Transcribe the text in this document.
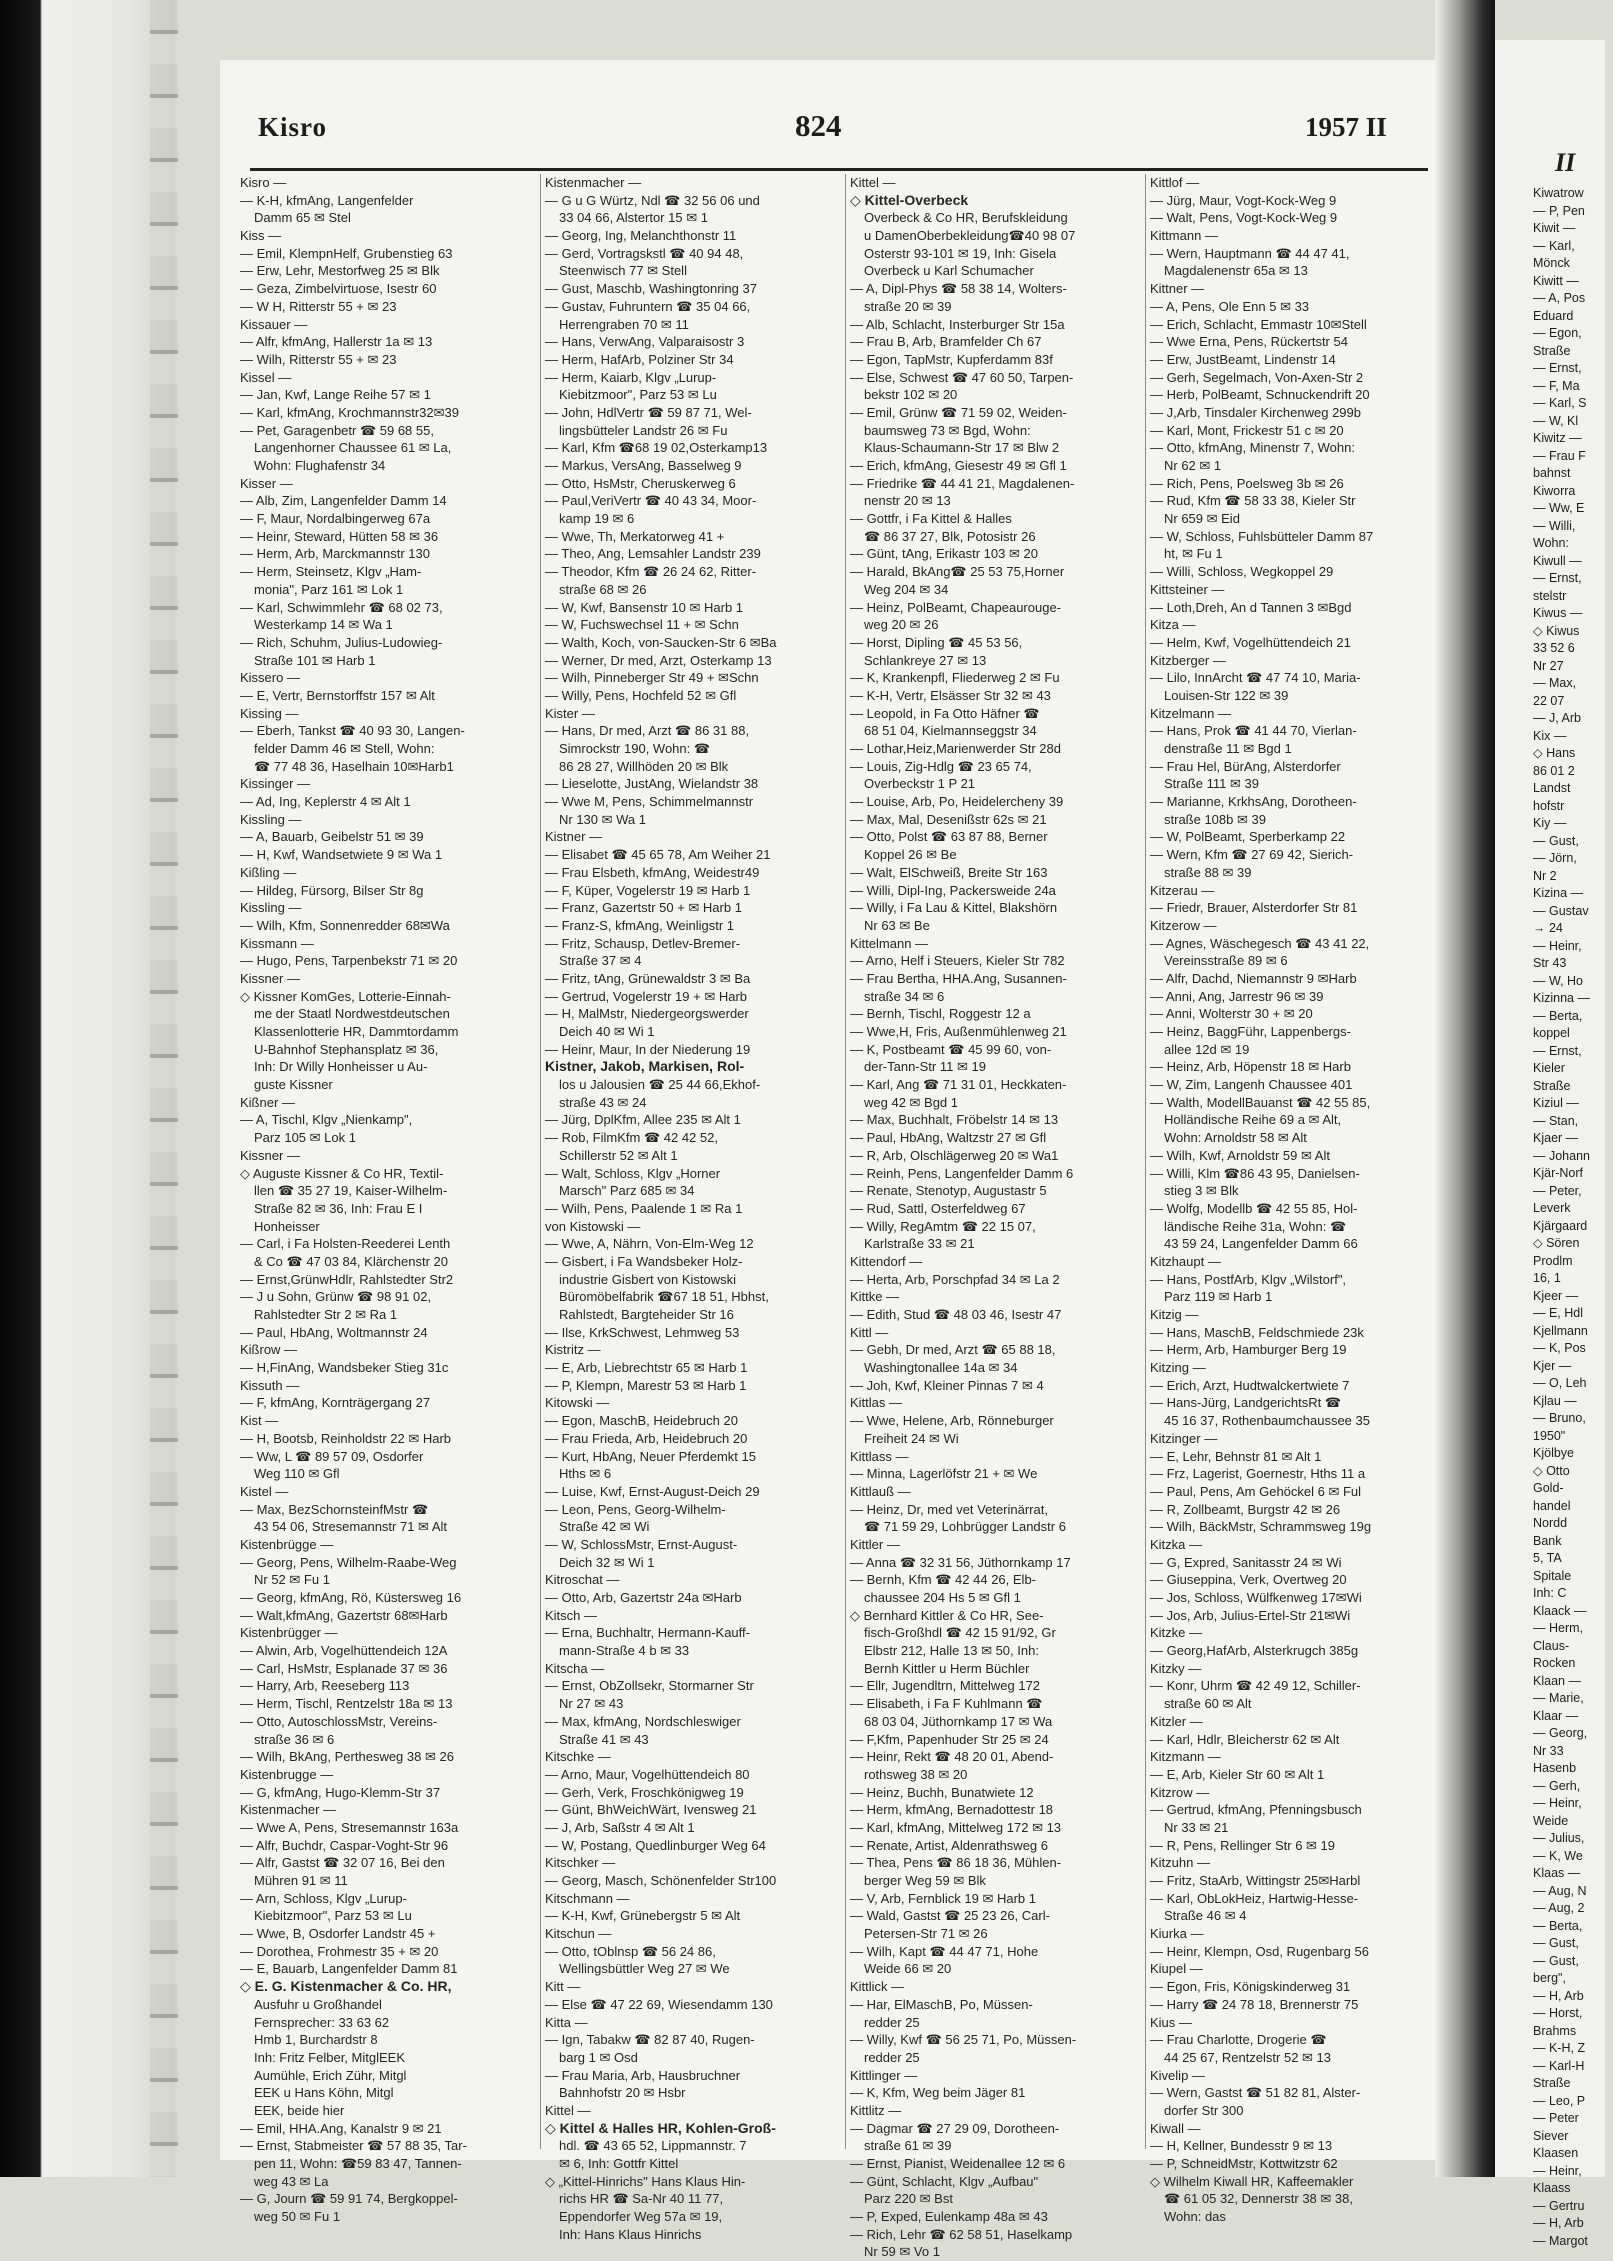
Kisro	824	1957 II
Kisro —
— K-H, kfmAng, Langenfelder
Damm 65 ✉ Stel
Kiss —
— Emil, KlempnHelf, Grubenstieg 63
— Erw, Lehr, Mestorfweg 25 ✉ Blk
— Geza, Zimbelvirtuose, Isestr 60
— W H, Ritterstr 55 + ✉ 23
Kissauer —
— Alfr, kfmAng, Hallerstr 1a ✉ 13
— Wilh, Ritterstr 55 + ✉ 23
Kissel —
— Jan, Kwf, Lange Reihe 57 ✉ 1
— Karl, kfmAng, Krochmannstr32✉39
— Pet, Garagenbetr ☎ 59 68 55,
Langenhorner Chaussee 61 ✉ La,
Wohn: Flughafenstr 34
Kisser —
— Alb, Zim, Langenfelder Damm 14
— F, Maur, Nordalbingerweg 67a
— Heinr, Steward, Hütten 58 ✉ 36
— Herm, Arb, Marckmannstr 130
— Herm, Steinsetz, Klgv „Ham-
monia", Parz 161 ✉ Lok 1
— Karl, Schwimmlehr ☎ 68 02 73,
Westerkamp 14 ✉ Wa 1
— Rich, Schuhm, Julius-Ludowieg-
Straße 101 ✉ Harb 1
Kissero —
— E, Vertr, Bernstorffstr 157 ✉ Alt
Kissing —
— Eberh, Tankst ☎ 40 93 30, Langen-
felder Damm 46 ✉ Stell, Wohn:
☎ 77 48 36, Haselhain 10✉Harb1
Kissinger —
— Ad, Ing, Keplerstr 4 ✉ Alt 1
Kissling —
— A, Bauarb, Geibelstr 51 ✉ 39
— H, Kwf, Wandsetwiete 9 ✉ Wa 1
Kißling —
— Hildeg, Fürsorg, Bilser Str 8g
Kissling —
— Wilh, Kfm, Sonnenredder 68✉Wa
Kissmann —
— Hugo, Pens, Tarpenbekstr 71 ✉ 20
Kissner —
◇ Kissner KomGes, Lotterie-Einnah-
me der Staatl Nordwestdeutschen
Klassenlotterie HR, Dammtordamm
U-Bahnhof Stephansplatz ✉ 36,
Inh: Dr Willy Honheisser u Au-
guste Kissner
Kißner —
— A, Tischl, Klgv „Nienkamp",
Parz 105 ✉ Lok 1
Kissner —
◇ Auguste Kissner & Co HR, Textil-
llen ☎ 35 27 19, Kaiser-Wilhelm-
Straße 82 ✉ 36, Inh: Frau E I
Honheisser
— Carl, i Fa Holsten-Reederei Lenth
& Co ☎ 47 03 84, Klärchenstr 20
— Ernst,GrünwHdlr, Rahlstedter Str2
— J u Sohn, Grünw ☎ 98 91 02,
Rahlstedter Str 2 ✉ Ra 1
— Paul, HbAng, Woltmannstr 24
Kißrow —
— H,FinAng, Wandsbeker Stieg 31c
Kissuth —
— F, kfmAng, Kornträgergang 27
Kist —
— H, Bootsb, Reinholdstr 22 ✉ Harb
— Ww, L ☎ 89 57 09, Osdorfer
Weg 110 ✉ Gfl
Kistel —
— Max, BezSchornsteinfMstr ☎
43 54 06, Stresemannstr 71 ✉ Alt
Kistenbrügge —
— Georg, Pens, Wilhelm-Raabe-Weg
Nr 52 ✉ Fu 1
— Georg, kfmAng, Rö, Küstersweg 16
— Walt,kfmAng, Gazertstr 68✉Harb
Kistenbrügger —
— Alwin, Arb, Vogelhüttendeich 12A
— Carl, HsMstr, Esplanade 37 ✉ 36
— Harry, Arb, Reeseberg 113
— Herm, Tischl, Rentzelstr 18a ✉ 13
— Otto, AutoschlossMstr, Vereins-
straße 36 ✉ 6
— Wilh, BkAng, Perthesweg 38 ✉ 26
Kistenbrugge —
— G, kfmAng, Hugo-Klemm-Str 37
Kistenmacher —
— Wwe A, Pens, Stresemannstr 163a
— Alfr, Buchdr, Caspar-Voght-Str 96
— Alfr, Gastst ☎ 32 07 16, Bei den
Mühren 91 ✉ 11
— Arn, Schloss, Klgv „Lurup-
Kiebitzmoor", Parz 53 ✉ Lu
— Wwe, B, Osdorfer Landstr 45 +
— Dorothea, Frohmestr 35 + ✉ 20
— E, Bauarb, Langenfelder Damm 81
◇ E. G. Kistenmacher & Co. HR,
Ausfuhr u Großhandel
Fernsprecher: 33 63 62
Hmb 1, Burchardstr 8
Inh: Fritz Felber, MitglEEK
Aumühle, Erich Zühr, Mitgl
EEK u Hans Köhn, Mitgl
EEK, beide hier
— Emil, HHA.Ang, Kanalstr 9 ✉ 21
— Ernst, Stabmeister ☎ 57 88 35, Tar-
pen 11, Wohn: ☎59 83 47, Tannen-
weg 43 ✉ La
— G, Journ ☎ 59 91 74, Bergkoppel-
weg 50 ✉ Fu 1
Kistenmacher —
— G u G Würtz, Ndl ☎ 32 56 06 und
33 04 66, Alstertor 15 ✉ 1
— Georg, Ing, Melanchthonstr 11
— Gerd, Vortragskstl ☎ 40 94 48,
Steenwisch 77 ✉ Stell
— Gust, Maschb, Washingtonring 37
— Gustav, Fuhruntern ☎ 35 04 66,
Herrengraben 70 ✉ 11
— Hans, VerwAng, Valparaisostr 3
— Herm, HafArb, Polziner Str 34
— Herm, Kaiarb, Klgv „Lurup-
Kiebitzmoor", Parz 53 ✉ Lu
— John, HdlVertr ☎ 59 87 71, Wel-
lingsbütteler Landstr 26 ✉ Fu
— Karl, Kfm ☎68 19 02,Osterkamp13
— Markus, VersAng, Basselweg 9
— Otto, HsMstr, Cheruskerweg 6
— Paul,VeriVertr ☎ 40 43 34, Moor-
kamp 19 ✉ 6
— Wwe, Th, Merkatorweg 41 +
— Theo, Ang, Lemsahler Landstr 239
— Theodor, Kfm ☎ 26 24 62, Ritter-
straße 68 ✉ 26
— W, Kwf, Bansenstr 10 ✉ Harb 1
— W, Fuchswechsel 11 + ✉ Schn
— Walth, Koch, von-Saucken-Str 6 ✉Ba
— Werner, Dr med, Arzt, Osterkamp 13
— Wilh, Pinneberger Str 49 + ✉Schn
— Willy, Pens, Hochfeld 52 ✉ Gfl
Kister —
— Hans, Dr med, Arzt ☎ 86 31 88,
Simrockstr 190, Wohn: ☎
86 28 27, Willhöden 20 ✉ Blk
— Lieselotte, JustAng, Wielandstr 38
— Wwe M, Pens, Schimmelmannstr
Nr 130 ✉ Wa 1
Kistner —
— Elisabet ☎ 45 65 78, Am Weiher 21
— Frau Elsbeth, kfmAng, Weidestr49
— F, Küper, Vogelerstr 19 ✉ Harb 1
— Franz, Gazertstr 50 + ✉ Harb 1
— Franz-S, kfmAng, Weinligstr 1
— Fritz, Schausp, Detlev-Bremer-
Straße 37 ✉ 4
— Fritz, tAng, Grünewaldstr 3 ✉ Ba
— Gertrud, Vogelerstr 19 + ✉ Harb
— H, MalMstr, Niedergeorgswerder
Deich 40 ✉ Wi 1
— Heinr, Maur, In der Niederung 19
Kistner, Jakob, Markisen, Rol-
los u Jalousien ☎ 25 44 66,Ekhof-
straße 43 ✉ 24
— Jürg, DplKfm, Allee 235 ✉ Alt 1
— Rob, FilmKfm ☎ 42 42 52,
Schillerstr 52 ✉ Alt 1
— Walt, Schloss, Klgv „Horner
Marsch" Parz 685 ✉ 34
— Wilh, Pens, Paalende 1 ✉ Ra 1
von Kistowski —
— Wwe, A, Nährn, Von-Elm-Weg 12
— Gisbert, i Fa Wandsbeker Holz-
industrie Gisbert von Kistowski
Büromöbelfabrik ☎67 18 51, Hbhst,
Rahlstedt, Bargteheider Str 16
— Ilse, KrkSchwest, Lehmweg 53
Kistritz —
— E, Arb, Liebrechtstr 65 ✉ Harb 1
— P, Klempn, Marestr 53 ✉ Harb 1
Kitowski —
— Egon, MaschB, Heidebruch 20
— Frau Frieda, Arb, Heidebruch 20
— Kurt, HbAng, Neuer Pferdemkt 15
Hths ✉ 6
— Luise, Kwf, Ernst-August-Deich 29
— Leon, Pens, Georg-Wilhelm-
Straße 42 ✉ Wi
— W, SchlossMstr, Ernst-August-
Deich 32 ✉ Wi 1
Kitroschat —
— Otto, Arb, Gazertstr 24a ✉Harb
Kitsch —
— Erna, Buchhaltr, Hermann-Kauff-
mann-Straße 4 b ✉ 33
Kitscha —
— Ernst, ObZollsekr, Stormarner Str
Nr 27 ✉ 43
— Max, kfmAng, Nordschleswiger
Straße 41 ✉ 43
Kitschke —
— Arno, Maur, Vogelhüttendeich 80
— Gerh, Verk, Froschkönigweg 19
— Günt, BhWeichWärt, Ivensweg 21
— J, Arb, Saßstr 4 ✉ Alt 1
— W, Postang, Quedlinburger Weg 64
Kitschker —
— Georg, Masch, Schönenfelder Str100
Kitschmann —
— K-H, Kwf, Grünebergstr 5 ✉ Alt
Kitschun —
— Otto, tOblnsp ☎ 56 24 86,
Wellingsbüttler Weg 27 ✉ We
Kitt —
— Else ☎ 47 22 69, Wiesendamm 130
Kitta —
— Ign, Tabakw ☎ 82 87 40, Rugen-
barg 1 ✉ Osd
— Frau Maria, Arb, Hausbruchner
Bahnhofstr 20 ✉ Hsbr
Kittel —
◇ Kittel & Halles HR, Kohlen-Groß-
hdl. ☎ 43 65 52, Lippmannstr. 7
✉ 6, Inh: Gottfr Kittel
◇ „Kittel-Hinrichs" Hans Klaus Hin-
richs HR ☎ Sa-Nr 40 11 77,
Eppendorfer Weg 57a ✉ 19,
Inh: Hans Klaus Hinrichs
Kittel —
◇ Kittel-Overbeck
Overbeck & Co HR, Berufskleidung
u DamenOberbekleidung☎40 98 07
Osterstr 93-101 ✉ 19, Inh: Gisela
Overbeck u Karl Schumacher
— A, Dipl-Phys ☎ 58 38 14, Wolters-
straße 20 ✉ 39
— Alb, Schlacht, Insterburger Str 15a
— Frau B, Arb, Bramfelder Ch 67
— Egon, TapMstr, Kupferdamm 83f
— Else, Schwest ☎ 47 60 50, Tarpen-
bekstr 102 ✉ 20
— Emil, Grünw ☎ 71 59 02, Weiden-
baumsweg 73 ✉ Bgd, Wohn:
Klaus-Schaumann-Str 17 ✉ Blw 2
— Erich, kfmAng, Giesestr 49 ✉ Gfl 1
— Friedrike ☎ 44 41 21, Magdalenen-
nenstr 20 ✉ 13
— Gottfr, i Fa Kittel & Halles
☎ 86 37 27, Blk, Potosistr 26
— Günt, tAng, Erikastr 103 ✉ 20
— Harald, BkAng☎ 25 53 75,Horner
Weg 204 ✉ 34
— Heinz, PolBeamt, Chapeaurouge-
weg 20 ✉ 26
— Horst, Dipling ☎ 45 53 56,
Schlankreye 27 ✉ 13
— K, Krankenpfl, Fliederweg 2 ✉ Fu
— K-H, Vertr, Elsässer Str 32 ✉ 43
— Leopold, in Fa Otto Häfner ☎
68 51 04, Kielmannseggstr 34
— Lothar,Heiz,Marienwerder Str 28d
— Louis, Zig-Hdlg ☎ 23 65 74,
Overbeckstr 1 P 21
— Louise, Arb, Po, Heidelercheny 39
— Max, Mal, Desenißstr 62s ✉ 21
— Otto, Polst ☎ 63 87 88, Berner
Koppel 26 ✉ Be
— Walt, ElSchweiß, Breite Str 163
— Willi, Dipl-Ing, Packersweide 24a
— Willy, i Fa Lau & Kittel, Blakshörn
Nr 63 ✉ Be
Kittelmann —
— Arno, Helf i Steuers, Kieler Str 782
— Frau Bertha, HHA.Ang, Susannen-
straße 34 ✉ 6
— Bernh, Tischl, Roggestr 12 a
— Wwe,H, Fris, Außenmühlenweg 21
— K, Postbeamt ☎ 45 99 60, von-
der-Tann-Str 11 ✉ 19
— Karl, Ang ☎ 71 31 01, Heckkaten-
weg 42 ✉ Bgd 1
— Max, Buchhalt, Fröbelstr 14 ✉ 13
— Paul, HbAng, Waltzstr 27 ✉ Gfl
— R, Arb, Olschlägerweg 20 ✉ Wa1
— Reinh, Pens, Langenfelder Damm 6
— Renate, Stenotyp, Augustastr 5
— Rud, Sattl, Osterfeldweg 67
— Willy, RegAmtm ☎ 22 15 07,
Karlstraße 33 ✉ 21
Kittendorf —
— Herta, Arb, Porschpfad 34 ✉ La 2
Kittke —
— Edith, Stud ☎ 48 03 46, Isestr 47
Kittl —
— Gebh, Dr med, Arzt ☎ 65 88 18,
Washingtonallee 14a ✉ 34
— Joh, Kwf, Kleiner Pinnas 7 ✉ 4
Kittlas —
— Wwe, Helene, Arb, Rönneburger
Freiheit 24 ✉ Wi
Kittlass —
— Minna, Lagerlöfstr 21 + ✉ We
Kittlauß —
— Heinz, Dr, med vet Veterinärrat,
☎ 71 59 29, Lohbrügger Landstr 6
Kittler —
— Anna ☎ 32 31 56, Jüthornkamp 17
— Bernh, Kfm ☎ 42 44 26, Elb-
chaussee 204 Hs 5 ✉ Gfl 1
◇ Bernhard Kittler & Co HR, See-
fisch-Großhdl ☎ 42 15 91/92, Gr
Elbstr 212, Halle 13 ✉ 50, Inh:
Bernh Kittler u Herm Büchler
— Ellr, Jugendltrn, Mittelweg 172
— Elisabeth, i Fa F Kuhlmann ☎
68 03 04, Jüthornkamp 17 ✉ Wa
— F,Kfm, Papenhuder Str 25 ✉ 24
— Heinr, Rekt ☎ 48 20 01, Abend-
rothsweg 38 ✉ 20
— Heinz, Buchh, Bunatwiete 12
— Herm, kfmAng, Bernadottestr 18
— Karl, kfmAng, Mittelweg 172 ✉ 13
— Renate, Artist, Aldenrathsweg 6
— Thea, Pens ☎ 86 18 36, Mühlen-
berger Weg 59 ✉ Blk
— V, Arb, Fernblick 19 ✉ Harb 1
— Wald, Gastst ☎ 25 23 26, Carl-
Petersen-Str 71 ✉ 26
— Wilh, Kapt ☎ 44 47 71, Hohe
Weide 66 ✉ 20
Kittlick —
— Har, ElMaschB, Po, Müssen-
redder 25
— Willy, Kwf ☎ 56 25 71, Po, Müssen-
redder 25
Kittlinger —
— K, Kfm, Weg beim Jäger 81
Kittlitz —
— Dagmar ☎ 27 29 09, Dorotheen-
straße 61 ✉ 39
— Ernst, Pianist, Weidenallee 12 ✉ 6
— Günt, Schlacht, Klgv „Aufbau"
Parz 220 ✉ Bst
— P, Exped, Eulenkamp 48a ✉ 43
— Rich, Lehr ☎ 62 58 51, Haselkamp
Nr 59 ✉ Vo 1
Kittlof —
— Jürg, Maur, Vogt-Kock-Weg 9
— Walt, Pens, Vogt-Kock-Weg 9
Kittmann —
— Wern, Hauptmann ☎ 44 47 41,
Magdalenenstr 65a ✉ 13
Kittner —
— A, Pens, Ole Enn 5 ✉ 33
— Erich, Schlacht, Emmastr 10✉Stell
— Wwe Erna, Pens, Rückertstr 54
— Erw, JustBeamt, Lindenstr 14
— Gerh, Segelmach, Von-Axen-Str 2
— Herb, PolBeamt, Schnuckendrift 20
— J,Arb, Tinsdaler Kirchenweg 299b
— Karl, Mont, Frickestr 51 c ✉ 20
— Otto, kfmAng, Minenstr 7, Wohn:
Nr 62 ✉ 1
— Rich, Pens, Poelsweg 3b ✉ 26
— Rud, Kfm ☎ 58 33 38, Kieler Str
Nr 659 ✉ Eid
— W, Schloss, Fuhlsbütteler Damm 87
ht, ✉ Fu 1
— Willi, Schloss, Wegkoppel 29
Kittsteiner —
— Loth,Dreh, An d Tannen 3 ✉Bgd
Kitza —
— Helm, Kwf, Vogelhüttendeich 21
Kitzberger —
— Lilo, InnArcht ☎ 47 74 10, Maria-
Louisen-Str 122 ✉ 39
Kitzelmann —
— Hans, Prok ☎ 41 44 70, Vierlan-
denstraße 11 ✉ Bgd 1
— Frau Hel, BürAng, Alsterdorfer
Straße 111 ✉ 39
— Marianne, KrkhsAng, Dorotheen-
straße 108b ✉ 39
— W, PolBeamt, Sperberkamp 22
— Wern, Kfm ☎ 27 69 42, Sierich-
straße 88 ✉ 39
Kitzerau —
— Friedr, Brauer, Alsterdorfer Str 81
Kitzerow —
— Agnes, Wäschegesch ☎ 43 41 22,
Vereinsstraße 89 ✉ 6
— Alfr, Dachd, Niemannstr 9 ✉Harb
— Anni, Ang, Jarrestr 96 ✉ 39
— Anni, Wolterstr 30 + ✉ 20
— Heinz, BaggFühr, Lappenbergs-
allee 12d ✉ 19
— Heinz, Arb, Höpenstr 18 ✉ Harb
— W, Zim, Langenh Chaussee 401
— Walth, ModellBauanst ☎ 42 55 85,
Holländische Reihe 69 a ✉ Alt,
Wohn: Arnoldstr 58 ✉ Alt
— Wilh, Kwf, Arnoldstr 59 ✉ Alt
— Willi, Klm ☎86 43 95, Danielsen-
stieg 3 ✉ Blk
— Wolfg, Modellb ☎ 42 55 85, Hol-
ländische Reihe 31a, Wohn: ☎
43 59 24, Langenfelder Damm 66
Kitzhaupt —
— Hans, PostfArb, Klgv „Wilstorf",
Parz 119 ✉ Harb 1
Kitzig —
— Hans, MaschB, Feldschmiede 23k
— Herm, Arb, Hamburger Berg 19
Kitzing —
— Erich, Arzt, Hudtwalckertwiete 7
— Hans-Jürg, LandgerichtsRt ☎
45 16 37, Rothenbaumchaussee 35
Kitzinger —
— E, Lehr, Behnstr 81 ✉ Alt 1
— Frz, Lagerist, Goernestr, Hths 11 a
— Paul, Pens, Am Gehöckel 6 ✉ Ful
— R, Zollbeamt, Burgstr 42 ✉ 26
— Wilh, BäckMstr, Schrammsweg 19g
Kitzka —
— G, Expred, Sanitasstr 24 ✉ Wi
— Giuseppina, Verk, Overtweg 20
— Jos, Schloss, Wülfkenweg 17✉Wi
— Jos, Arb, Julius-Ertel-Str 21✉Wi
Kitzke —
— Georg,HafArb, Alsterkrugch 385g
Kitzky —
— Konr, Uhrm ☎ 42 49 12, Schiller-
straße 60 ✉ Alt
Kitzler —
— Karl, Hdlr, Bleicherstr 62 ✉ Alt
Kitzmann —
— E, Arb, Kieler Str 60 ✉ Alt 1
Kitzrow —
— Gertrud, kfmAng, Pfenningsbusch
Nr 33 ✉ 21
— R, Pens, Rellinger Str 6 ✉ 19
Kitzuhn —
— Fritz, StaArb, Wittingstr 25✉Harbl
— Karl, ObLokHeiz, Hartwig-Hesse-
Straße 46 ✉ 4
Kiurka —
— Heinr, Klempn, Osd, Rugenbarg 56
Kiupel —
— Egon, Fris, Königskinderweg 31
— Harry ☎ 24 78 18, Brennerstr 75
Kius —
— Frau Charlotte, Drogerie ☎
44 25 67, Rentzelstr 52 ✉ 13
Kivelip —
— Wern, Gastst ☎ 51 82 81, Alster-
dorfer Str 300
Kiwall —
— H, Kellner, Bundesstr 9 ✉ 13
— P, SchneidMstr, Kottwitzstr 62
◇ Wilhelm Kiwall HR, Kaffeemakler
☎ 61 05 32, Dennerstr 38 ✉ 38,
Wohn: das
II
Kiwatrow
— P, Pen
Kiwit —
— Karl,
Mönck
Kiwitt —
— A, Pos
Eduard
— Egon,
Straße
— Ernst,
— F, Ma
— Karl, S
— W, Kl
Kiwitz —
— Frau F
bahnst
Kiworra
— Ww, E
— Willi,
Wohn:
Kiwull —
— Ernst,
stelstr
Kiwus —
◇ Kiwus
33 52 6
Nr 27
— Max,
22 07
— J, Arb
Kix —
◇ Hans
86 01 2
Landst
hofstr
Kiy —
— Gust,
— Jörn,
Nr 2
Kizina —
— Gustav
→ 24
— Heinr,
Str 43
— W, Ho
Kizinna —
— Berta,
koppel
— Ernst,
Kieler
Straße
Kiziul —
— Stan,
Kjaer —
— Johann
Kjär-Norf
— Peter,
Leverk
Kjärgaard
◇ Sören
Prodlm
16, 1
Kjeer —
— E, Hdl
Kjellmann
— K, Pos
Kjer —
— O, Leh
Kjlau —
— Bruno,
1950"
Kjölbye
◇ Otto
Gold-
handel
Nordd
Bank
5, TA
Spitale
Inh: C
Klaack —
— Herm,
Claus-
Rocken
Klaan —
— Marie,
Klaar —
— Georg,
Nr 33
Hasenb
— Gerh,
— Heinr,
Weide
— Julius,
— K, We
Klaas —
— Aug, N
— Aug, 2
— Berta,
— Gust,
— Gust,
berg",
— H, Arb
— Horst,
Brahms
— K-H, Z
— Karl-H
Straße
— Leo, P
— Peter
Siever
Klaasen
— Heinr,
Klaass
— Gertru
— H, Arb
— Margot
